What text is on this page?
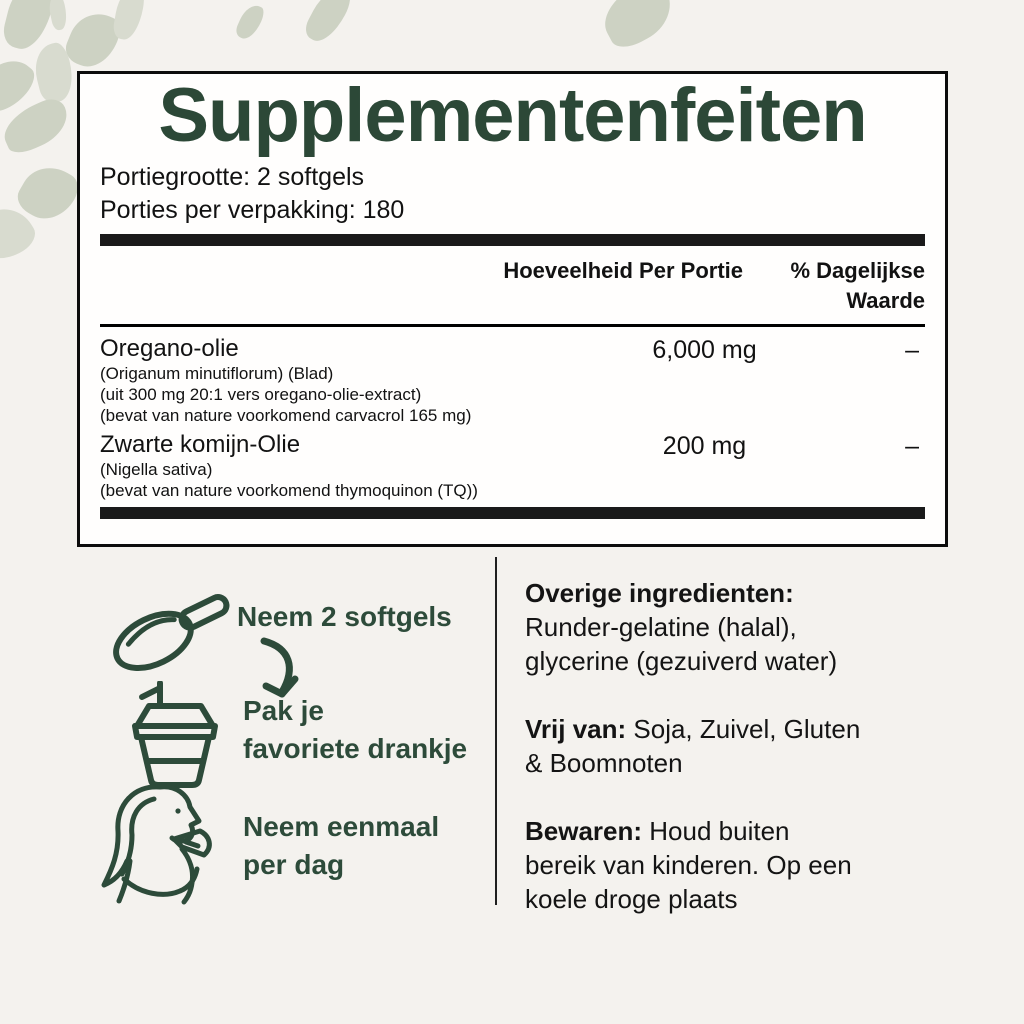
Supplementenfeiten

Portiegrootte: 2 softgels

Porties per verpakking: 180

Hoeveelheid Per Portie	% Dagelijkse Waarde
Oregano-olie
(Origanum minutiflorum) (Blad)
(uit 300 mg 20:1 vers oregano-olie-extract)
(bevat van nature voorkomend carvacrol 165 mg)
6,000 mg	–
Zwarte komijn-Olie
(Nigella sativa)
(bevat van nature voorkomend thymoquinon (TQ))
200 mg	–
Neem 2 softgels
Pak je
favoriete drankje
Neem eenmaal
per dag

Overige ingredienten:
Runder-gelatine (halal),
glycerine (gezuiverd water)

Vrij van: Soja, Zuivel, Gluten
& Boomnoten

Bewaren: Houd buiten
bereik van kinderen. Op een
koele droge plaats
